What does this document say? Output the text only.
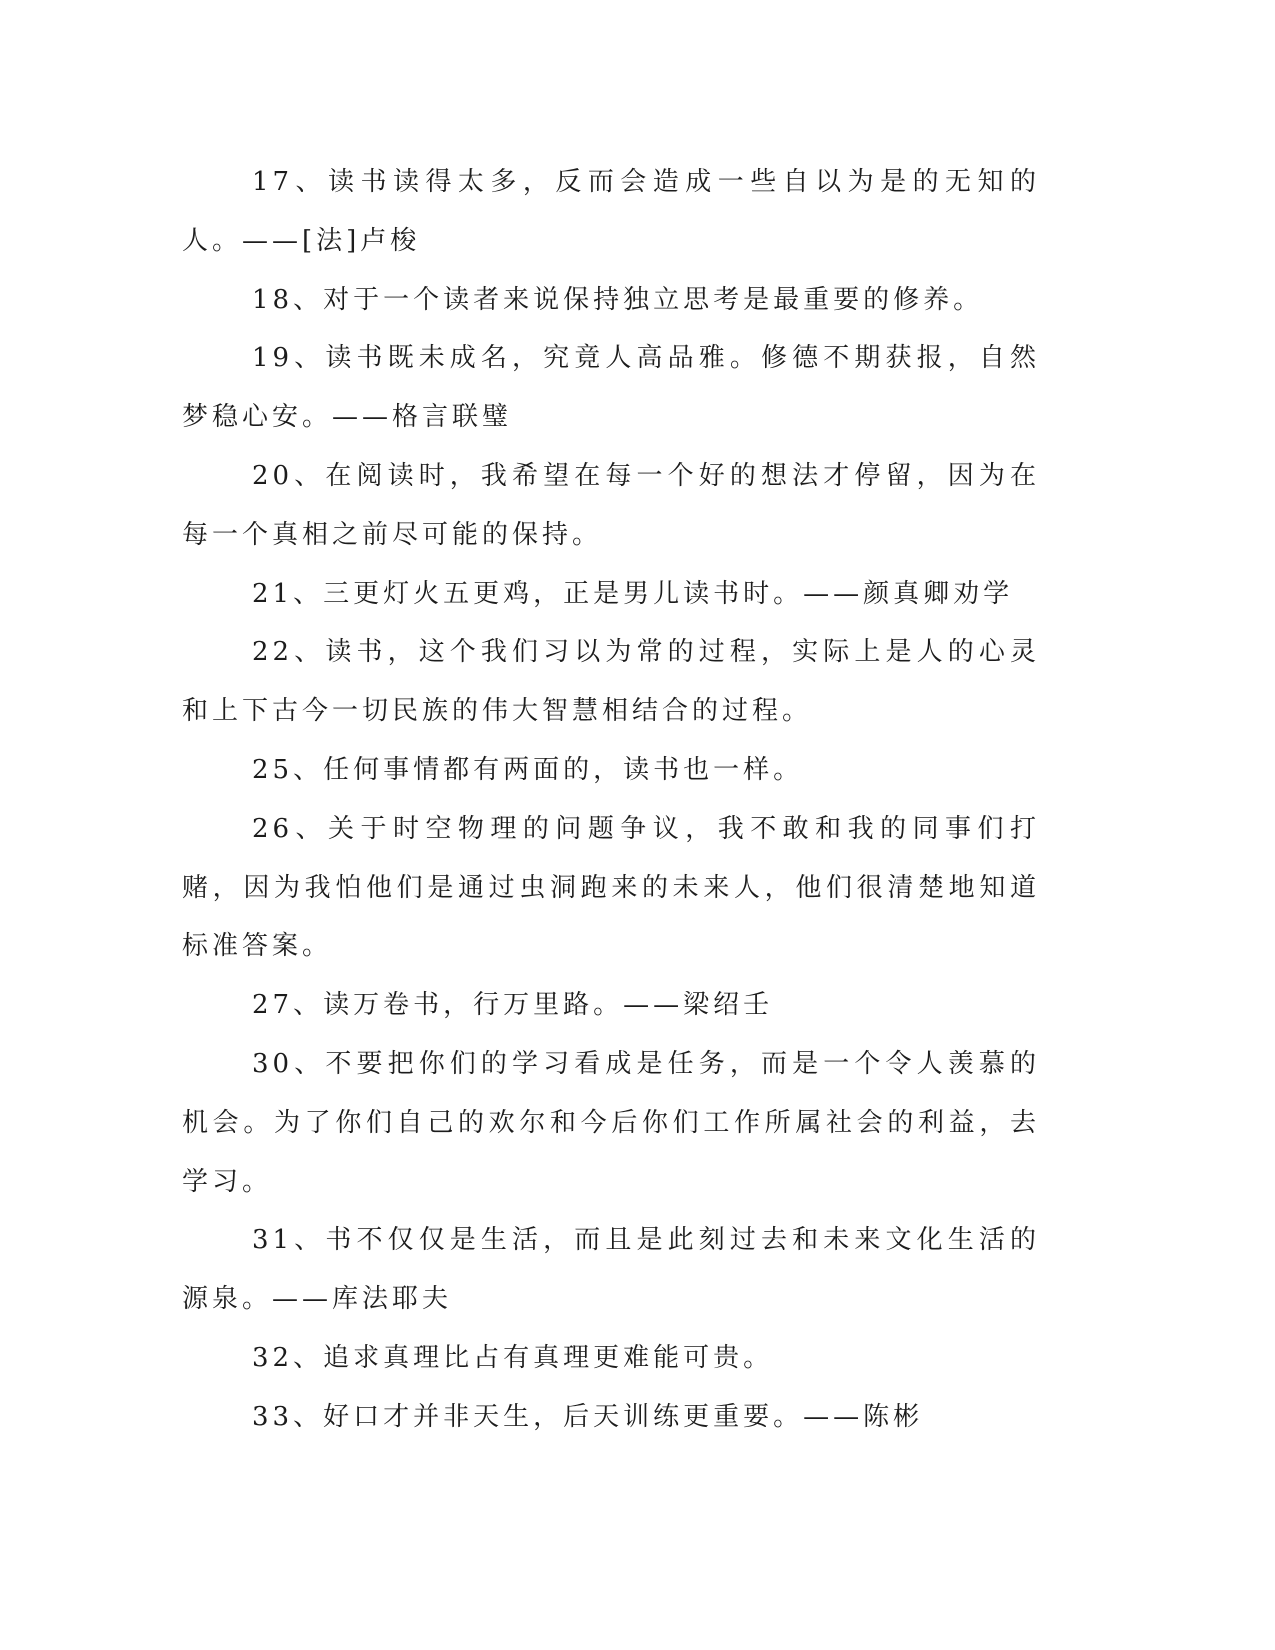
17、读书读得太多，反而会造成一些自以为是的无知的人。——[法]卢梭

18、对于一个读者来说保持独立思考是最重要的修养。

19、读书既未成名，究竟人高品雅。修德不期获报，自然梦稳心安。——格言联璧

20、在阅读时，我希望在每一个好的想法才停留，因为在每一个真相之前尽可能的保持。

21、三更灯火五更鸡，正是男儿读书时。——颜真卿劝学

22、读书，这个我们习以为常的过程，实际上是人的心灵和上下古今一切民族的伟大智慧相结合的过程。

25、任何事情都有两面的，读书也一样。

26、关于时空物理的问题争议，我不敢和我的同事们打赌，因为我怕他们是通过虫洞跑来的未来人，他们很清楚地知道标准答案。

27、读万卷书，行万里路。——梁绍壬

30、不要把你们的学习看成是任务，而是一个令人羡慕的机会。为了你们自己的欢尔和今后你们工作所属社会的利益，去学习。

31、书不仅仅是生活，而且是此刻过去和未来文化生活的源泉。——库法耶夫

32、追求真理比占有真理更难能可贵。

33、好口才并非天生，后天训练更重要。——陈彬
